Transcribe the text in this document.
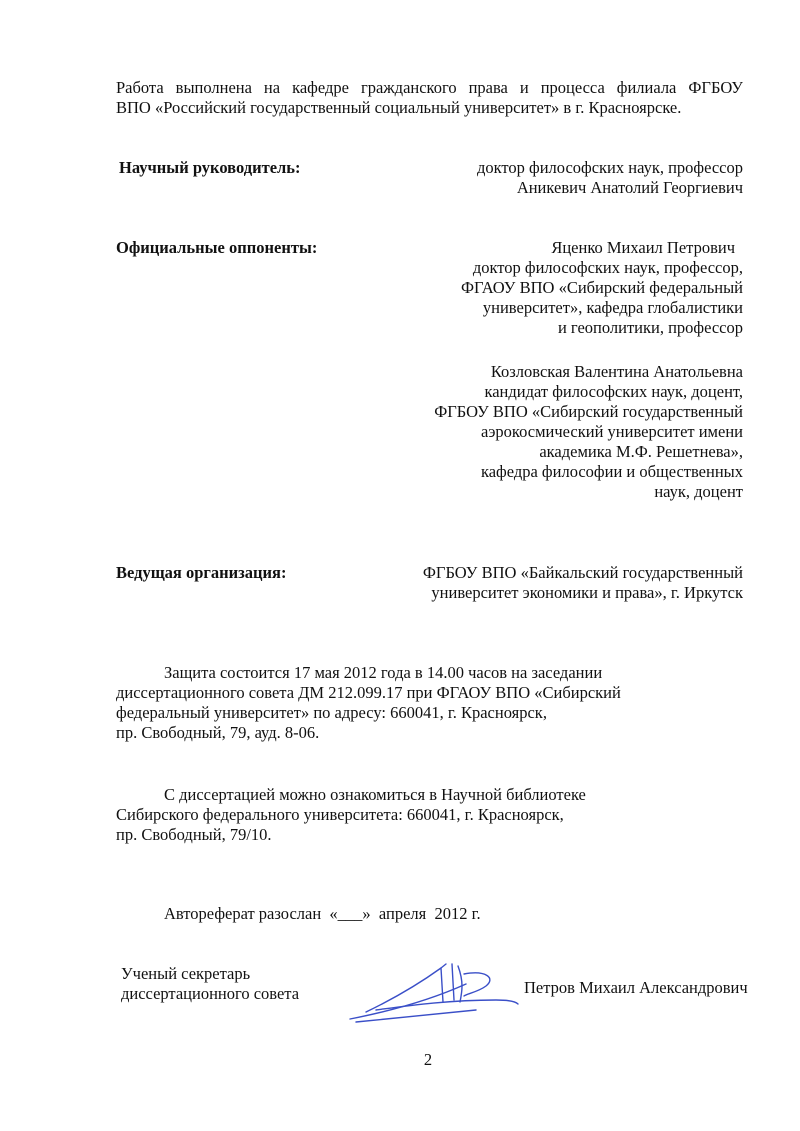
Работа выполнена на кафедре гражданского права и процесса филиала ФГБОУ
ВПО «Российский государственный социальный университет» в г. Красноярске.
Научный руководитель:	доктор философских наук, профессор
Аникевич Анатолий Георгиевич
Официальные оппоненты:	Яценко Михаил Петрович
доктор философских наук, профессор,
ФГАОУ ВПО «Сибирский федеральный
университет», кафедра глобалистики
и геополитики, профессор
Козловская Валентина Анатольевна
кандидат философских наук, доцент,
ФГБОУ ВПО «Сибирский государственный
аэрокосмический университет имени
академика М.Ф. Решетнева»,
кафедра философии и общественных
наук, доцент
Ведущая организация:	ФГБОУ ВПО «Байкальский государственный
университет экономики и права», г. Иркутск
Защита состоится 17 мая 2012 года в 14.00 часов на заседании
диссертационного совета ДМ 212.099.17 при ФГАОУ ВПО «Сибирский
федеральный университет» по адресу: 660041, г. Красноярск,
пр. Свободный, 79, ауд. 8-06.
С диссертацией можно ознакомиться в Научной библиотеке
Сибирского федерального университета: 660041, г. Красноярск,
пр. Свободный, 79/10.
Автореферат разослан  «___»  апреля  2012 г.
Ученый секретарь
диссертационного совета	Петров Михаил Александрович
2
